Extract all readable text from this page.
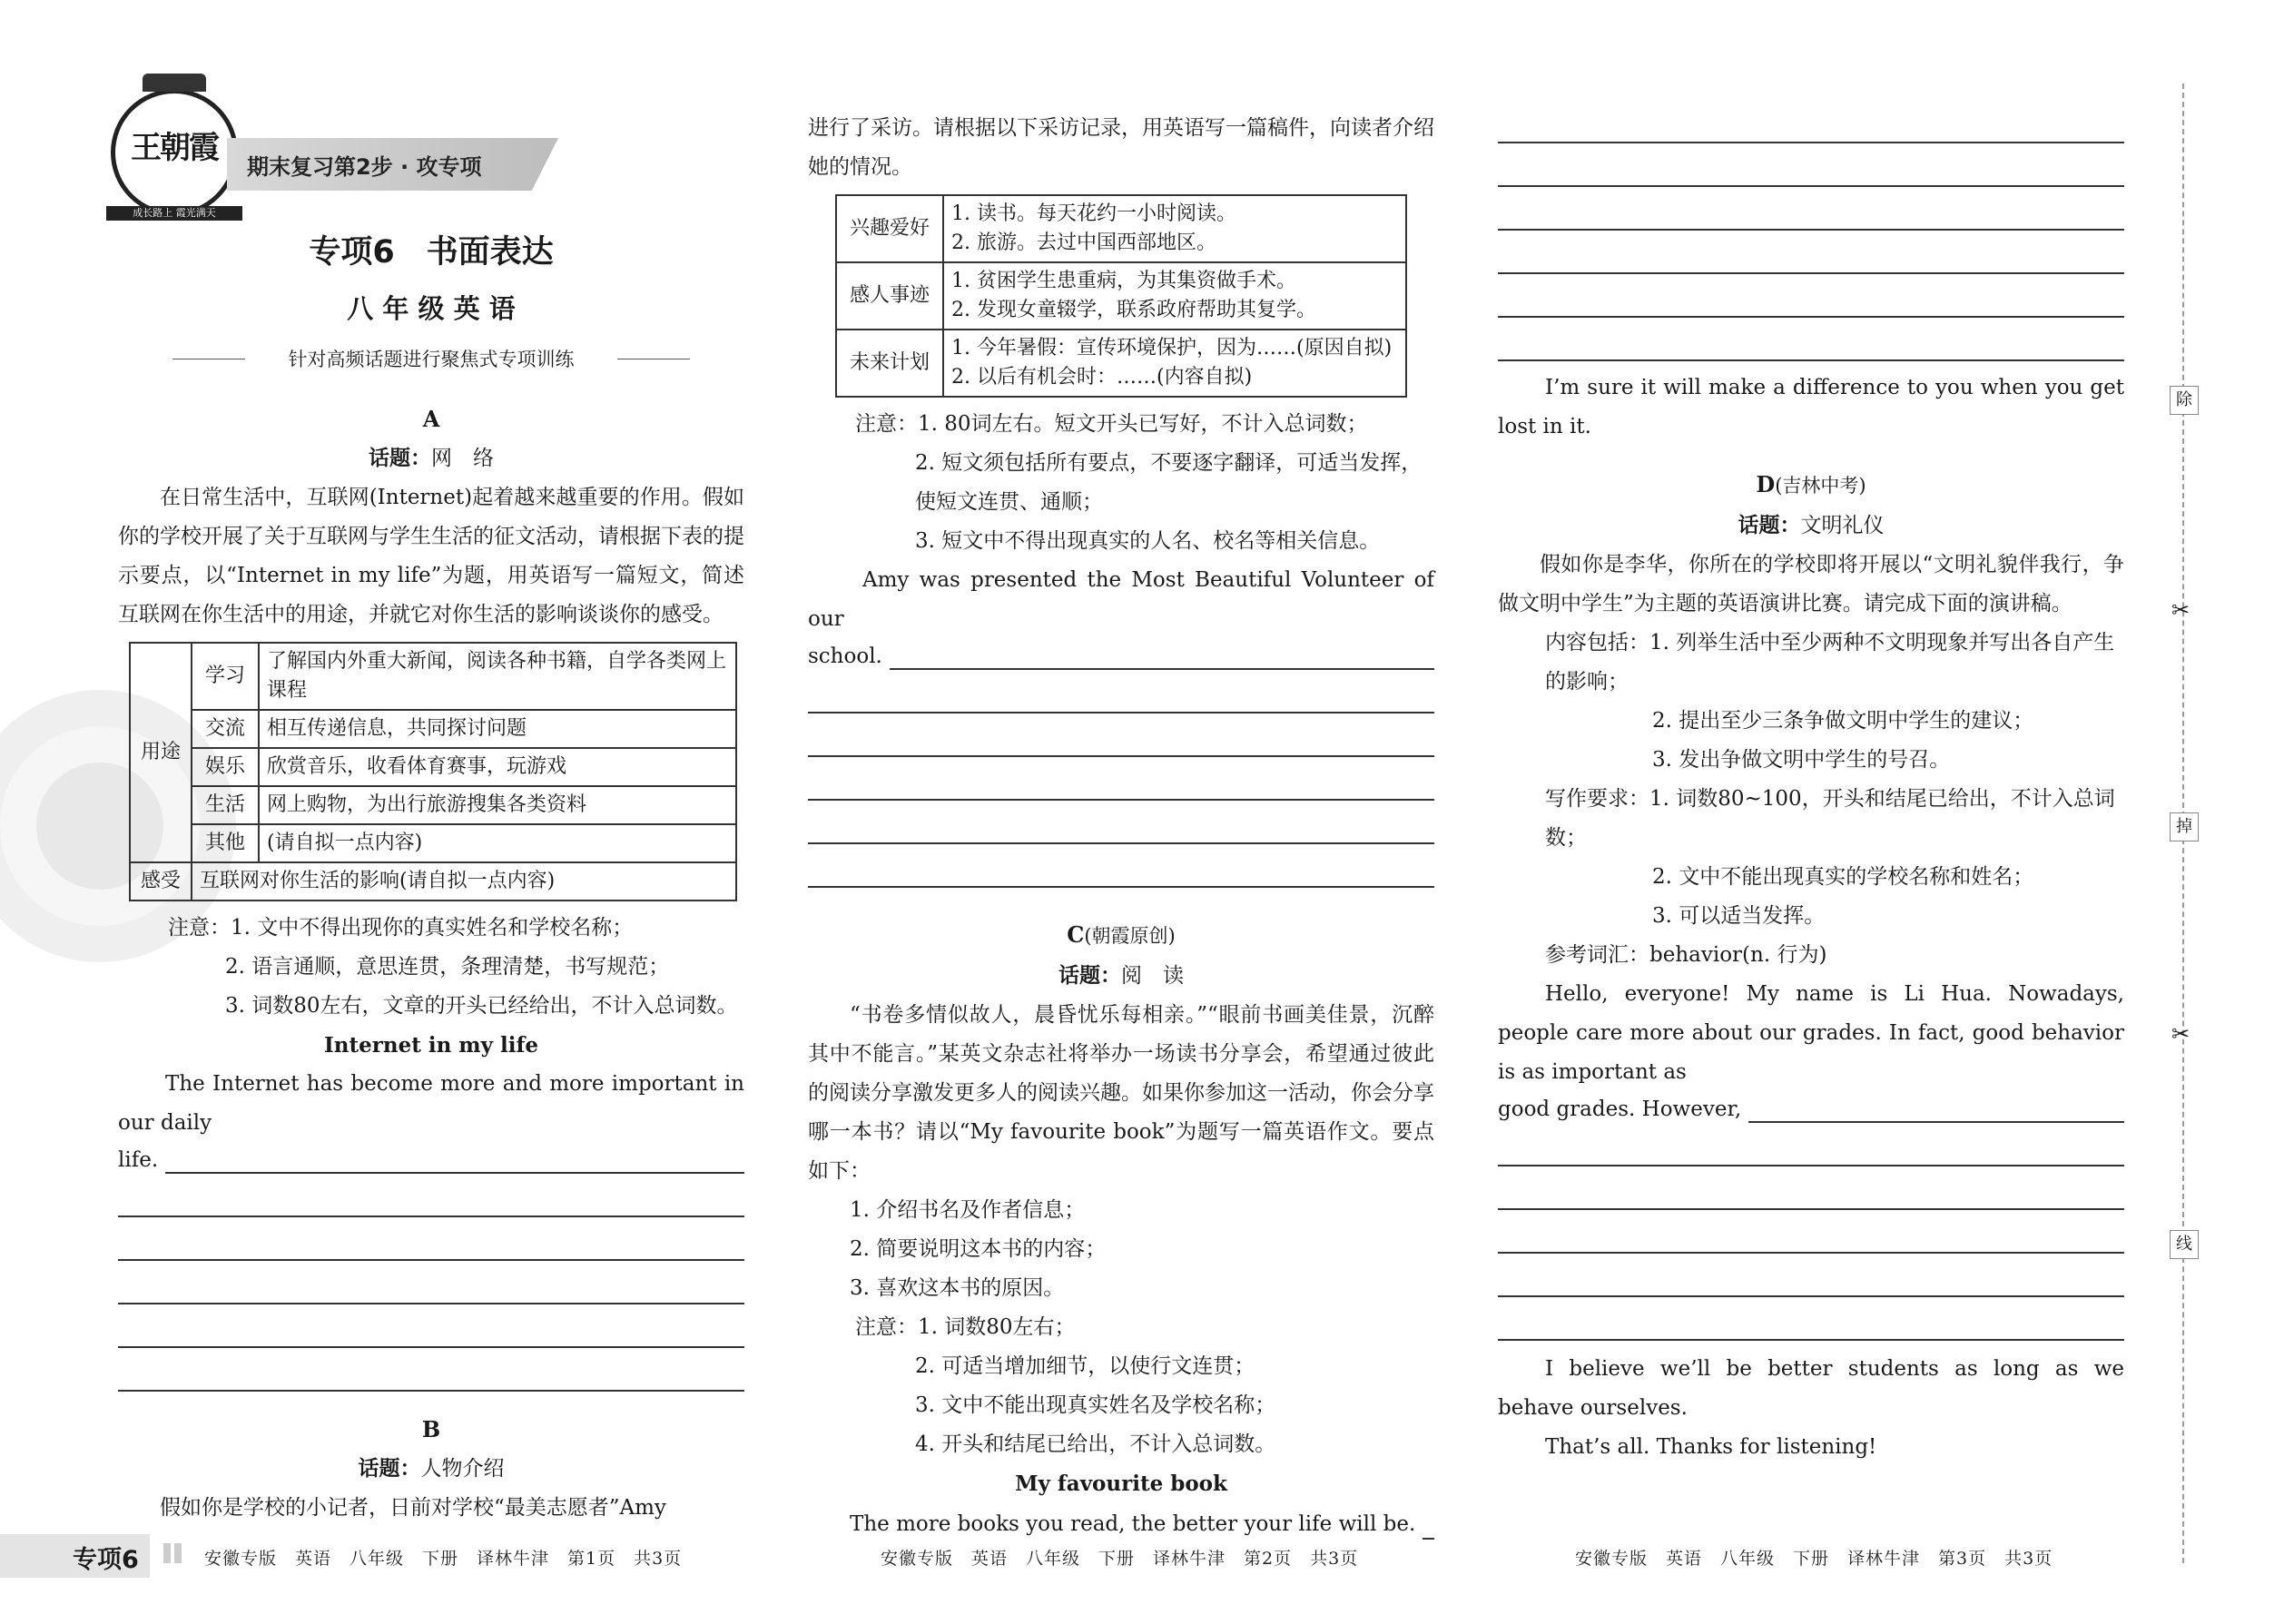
王朝霞
成长路上 霞光满天
期末复习第2步 · 攻专项
专项6　书面表达
八 年 级 英 语
针对高频话题进行聚焦式专项训练

A

话题：网　络

在日常生活中，互联网(Internet)起着越来越重要的作用。假如你的学校开展了关于互联网与学生生活的征文活动，请根据下表的提示要点，以“Internet in my life”为题，用英语写一篇短文，简述互联网在你生活中的用途，并就它对你生活的影响谈谈你的感受。

用途	学习	了解国内外重大新闻，阅读各种书籍，自学各类网上课程
	交流	相互传递信息，共同探讨问题
	娱乐	欣赏音乐，收看体育赛事，玩游戏
	生活	网上购物，为出行旅游搜集各类资料
	其他	(请自拟一点内容)
感受	互联网对你生活的影响(请自拟一点内容)	

注意：1. 文中不得出现你的真实姓名和学校名称；

2. 语言通顺，意思连贯，条理清楚，书写规范；

3. 词数80左右，文章的开头已经给出，不计入总词数。

Internet in my life

The Internet has become more and more important in our daily

life.

B

话题：人物介绍

假如你是学校的小记者，日前对学校“最美志愿者”Amy

进行了采访。请根据以下采访记录，用英语写一篇稿件，向读者介绍她的情况。

兴趣爱好	1. 读书。每天花约一小时阅读。
2. 旅游。去过中国西部地区。

感人事迹	1. 贫困学生患重病，为其集资做手术。
2. 发现女童辍学，联系政府帮助其复学。

未来计划	1. 今年暑假：宣传环境保护，因为……(原因自拟)
2. 以后有机会时：……(内容自拟)

注意：1. 80词左右。短文开头已写好，不计入总词数；

2. 短文须包括所有要点，不要逐字翻译，可适当发挥，使短文连贯、通顺；

3. 短文中不得出现真实的人名、校名等相关信息。

Amy was presented the Most Beautiful Volunteer of our

school.

C(朝霞原创)

话题：阅　读

“书卷多情似故人，晨昏忧乐每相亲。”“眼前书画美佳景，沉醉其中不能言。”某英文杂志社将举办一场读书分享会，希望通过彼此的阅读分享激发更多人的阅读兴趣。如果你参加这一活动，你会分享哪一本书？请以“My favourite book”为题写一篇英语作文。要点如下：

1. 介绍书名及作者信息；

2. 简要说明这本书的内容；

3. 喜欢这本书的原因。

注意：1. 词数80左右；

2. 可适当增加细节，以使行文连贯；

3. 文中不能出现真实姓名及学校名称；

4. 开头和结尾已给出，不计入总词数。

My favourite book

The more books you read, the better your life will be.

I’m sure it will make a difference to you when you get lost in it.

D(吉林中考)

话题：文明礼仪

假如你是李华，你所在的学校即将开展以“文明礼貌伴我行，争做文明中学生”为主题的英语演讲比赛。请完成下面的演讲稿。

内容包括：1. 列举生活中至少两种不文明现象并写出各自产生的影响；

2. 提出至少三条争做文明中学生的建议；

3. 发出争做文明中学生的号召。

写作要求：1. 词数80~100，开头和结尾已给出，不计入总词数；

2. 文中不能出现真实的学校名称和姓名；

3. 可以适当发挥。

参考词汇：behavior(n. 行为)

Hello, everyone! My name is Li Hua. Nowadays, people care more about our grades. In fact, good behavior is as important as

good grades. However,

I believe we’ll be better students as long as we behave ourselves.

That’s all. Thanks for listening!

除
✂
掉
✂
线
专项6	安徽专版　英语　八年级　下册　译林牛津　第1页　共3页	安徽专版　英语　八年级　下册　译林牛津　第2页　共3页	安徽专版　英语　八年级　下册　译林牛津　第3页　共3页
